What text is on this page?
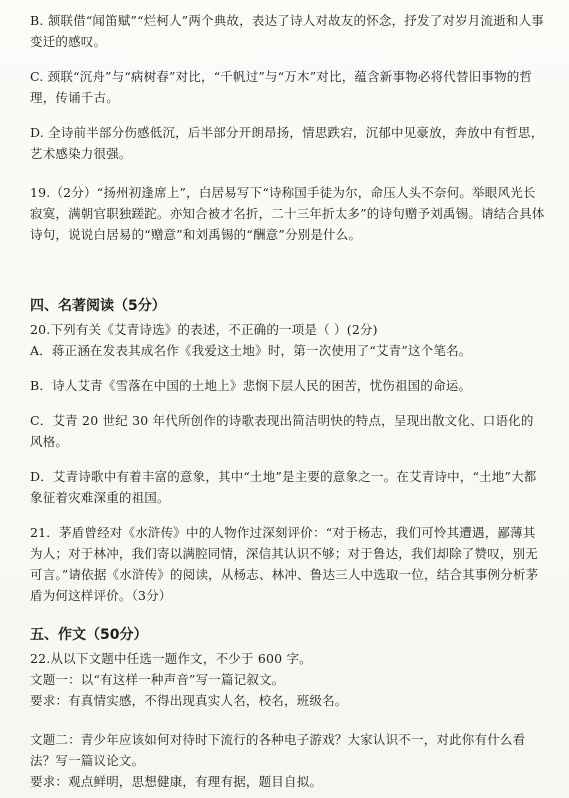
B. 颔联借“闻笛赋”“烂柯人”两个典故，表达了诗人对故友的怀念，抒发了对岁月流逝和人事变迁的感叹。

C. 颈联“沉舟”与“病树春”对比，“千帆过”与“万木”对比，蕴含新事物必将代替旧事物的哲理，传诵千古。

D. 全诗前半部分伤感低沉，后半部分开朗昂扬，情思跌宕，沉郁中见豪放，奔放中有哲思，艺术感染力很强。

19.（2分）“扬州初逢席上”，白居易写下“诗称国手徒为尔，命压人头不奈何。举眼风光长寂寞，满朝官职独蹉跎。亦知合被才名折，二十三年折太多”的诗句赠予刘禹锡。请结合具体诗句，说说白居易的“赠意”和刘禹锡的“酬意”分别是什么。

四、名著阅读（5分）

20.下列有关《艾青诗选》的表述，不正确的一项是（ ）(2分)

A．蒋正涵在发表其成名作《我爱这土地》时，第一次使用了“艾青”这个笔名。

B．诗人艾青《雪落在中国的土地上》悲悯下层人民的困苦，忧伤祖国的命运。

C．艾青 20 世纪 30 年代所创作的诗歌表现出简洁明快的特点，呈现出散文化、口语化的风格。

D．艾青诗歌中有着丰富的意象，其中“土地”是主要的意象之一。在艾青诗中，“土地”大都象征着灾难深重的祖国。

21．茅盾曾经对《水浒传》中的人物作过深刻评价：“对于杨志，我们可怜其遭遇，鄙薄其为人；对于林冲，我们寄以满腔同情，深信其认识不够；对于鲁达，我们却除了赞叹，别无可言。”请依据《水浒传》的阅读，从杨志、林冲、鲁达三人中选取一位，结合其事例分析茅盾为何这样评价。（3分）

五、作文（50分）

22.从以下文题中任选一题作文，不少于 600 字。

文题一：以“有这样一种声音”写一篇记叙文。

要求：有真情实感，不得出现真实人名，校名，班级名。

文题二：青少年应该如何对待时下流行的各种电子游戏？大家认识不一，对此你有什么看法？写一篇议论文。

要求：观点鲜明，思想健康，有理有据，题目自拟。
